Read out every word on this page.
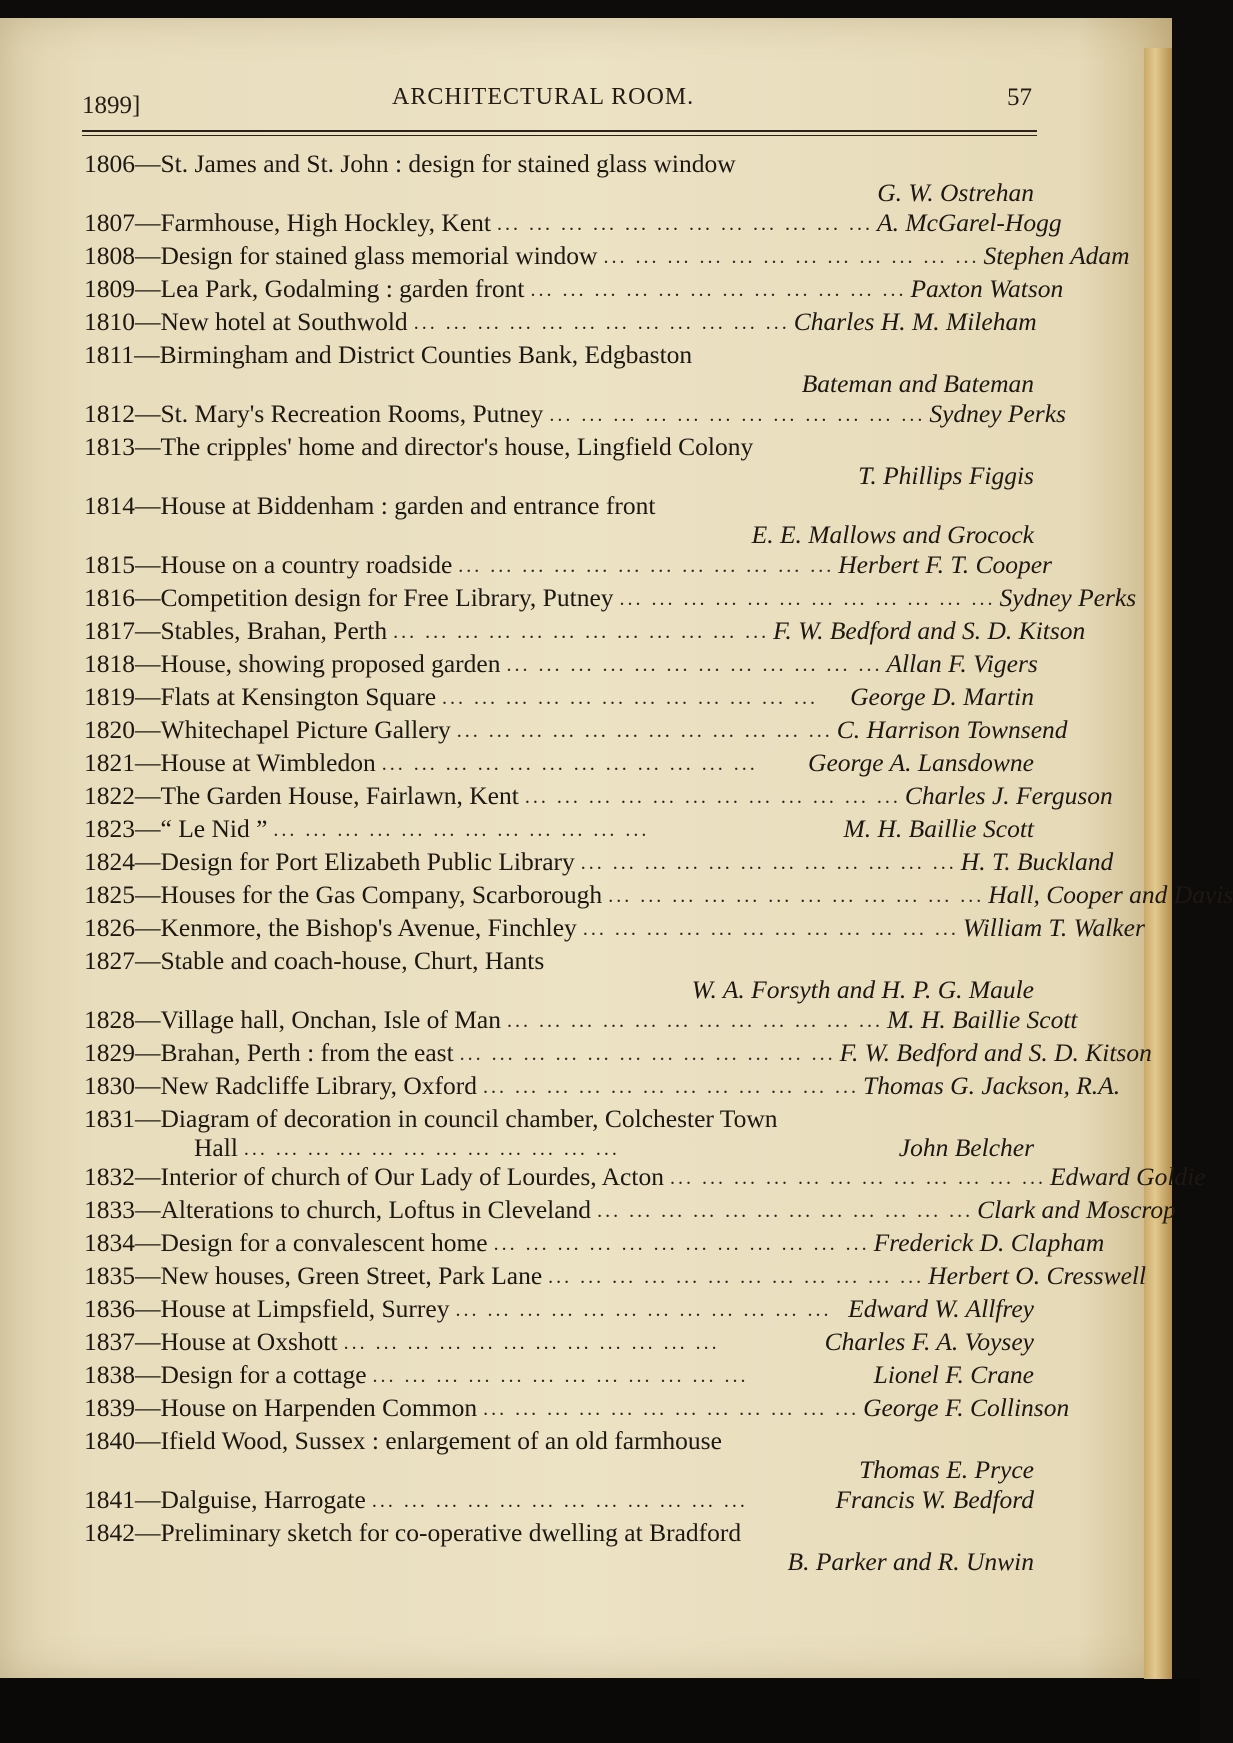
1899]	ARCHITECTURAL ROOM.	57
1806 — St. James and St. John : design for stained glass window
G. W. Ostrehan
1807 — Farmhouse, High Hockley, Kent ... ... ... ... ... ... ... ... ... ... ... ... A. McGarel-Hogg
1808 — Design for stained glass memorial window ... ... ... ... ... ... ... ... ... ... ... ... Stephen Adam
1809 — Lea Park, Godalming : garden front ... ... ... ... ... ... ... ... ... ... ... ... Paxton Watson
1810 — New hotel at Southwold ... ... ... ... ... ... ... ... ... ... ... ... Charles H. M. Mileham
1811 — Birmingham and District Counties Bank, Edgbaston
Bateman and Bateman
1812 — St. Mary's Recreation Rooms, Putney ... ... ... ... ... ... ... ... ... ... ... ... Sydney Perks
1813 — The cripples' home and director's house, Lingfield Colony
T. Phillips Figgis
1814 — House at Biddenham : garden and entrance front
E. E. Mallows and Grocock
1815 — House on a country roadside ... ... ... ... ... ... ... ... ... ... ... ... Herbert F. T. Cooper
1816 — Competition design for Free Library, Putney ... ... ... ... ... ... ... ... ... ... ... ... Sydney Perks
1817 — Stables, Brahan, Perth ... ... ... ... ... ... ... ... ... ... ... ... F. W. Bedford and S. D. Kitson
1818 — House, showing proposed garden ... ... ... ... ... ... ... ... ... ... ... ... Allan F. Vigers
1819 — Flats at Kensington Square ... ... ... ... ... ... ... ... ... ... ... ...	George D. Martin
1820 — Whitechapel Picture Gallery ... ... ... ... ... ... ... ... ... ... ... ... C. Harrison Townsend
1821 — House at Wimbledon ... ... ... ... ... ... ... ... ... ... ... ...	George A. Lansdowne
1822 — The Garden House, Fairlawn, Kent ... ... ... ... ... ... ... ... ... ... ... ... Charles J. Ferguson
1823 — “ Le Nid ” ... ... ... ... ... ... ... ... ... ... ... ...	M. H. Baillie Scott
1824 — Design for Port Elizabeth Public Library ... ... ... ... ... ... ... ... ... ... ... ... H. T. Buckland
1825 — Houses for the Gas Company, Scarborough ... ... ... ... ... ... ... ... ... ... ... ... Hall, Cooper and Davis
1826 — Kenmore, the Bishop's Avenue, Finchley ... ... ... ... ... ... ... ... ... ... ... ... William T. Walker
1827 — Stable and coach-house, Churt, Hants
W. A. Forsyth and H. P. G. Maule
1828 — Village hall, Onchan, Isle of Man ... ... ... ... ... ... ... ... ... ... ... ... M. H. Baillie Scott
1829 — Brahan, Perth : from the east ... ... ... ... ... ... ... ... ... ... ... ... F. W. Bedford and S. D. Kitson
1830 — New Radcliffe Library, Oxford ... ... ... ... ... ... ... ... ... ... ... ... Thomas G. Jackson, R.A.
1831 — Diagram of decoration in council chamber, Colchester Town
Hall ... ... ... ... ... ... ... ... ... ... ... ...	John Belcher
1832 — Interior of church of Our Lady of Lourdes, Acton ... ... ... ... ... ... ... ... ... ... ... ... Edward Goldie
1833 — Alterations to church, Loftus in Cleveland ... ... ... ... ... ... ... ... ... ... ... ... Clark and Moscrop
1834 — Design for a convalescent home ... ... ... ... ... ... ... ... ... ... ... ... Frederick D. Clapham
1835 — New houses, Green Street, Park Lane ... ... ... ... ... ... ... ... ... ... ... ... Herbert O. Cresswell
1836 — House at Limpsfield, Surrey ... ... ... ... ... ... ... ... ... ... ... ... Edward W. Allfrey
1837 — House at Oxshott ... ... ... ... ... ... ... ... ... ... ... ...	Charles F. A. Voysey
1838 — Design for a cottage ... ... ... ... ... ... ... ... ... ... ... ...	Lionel F. Crane
1839 — House on Harpenden Common ... ... ... ... ... ... ... ... ... ... ... ... George F. Collinson
1840 — Ifield Wood, Sussex : enlargement of an old farmhouse
Thomas E. Pryce
1841 — Dalguise, Harrogate ... ... ... ... ... ... ... ... ... ... ... ...	Francis W. Bedford
1842 — Preliminary sketch for co-operative dwelling at Bradford
B. Parker and R. Unwin
